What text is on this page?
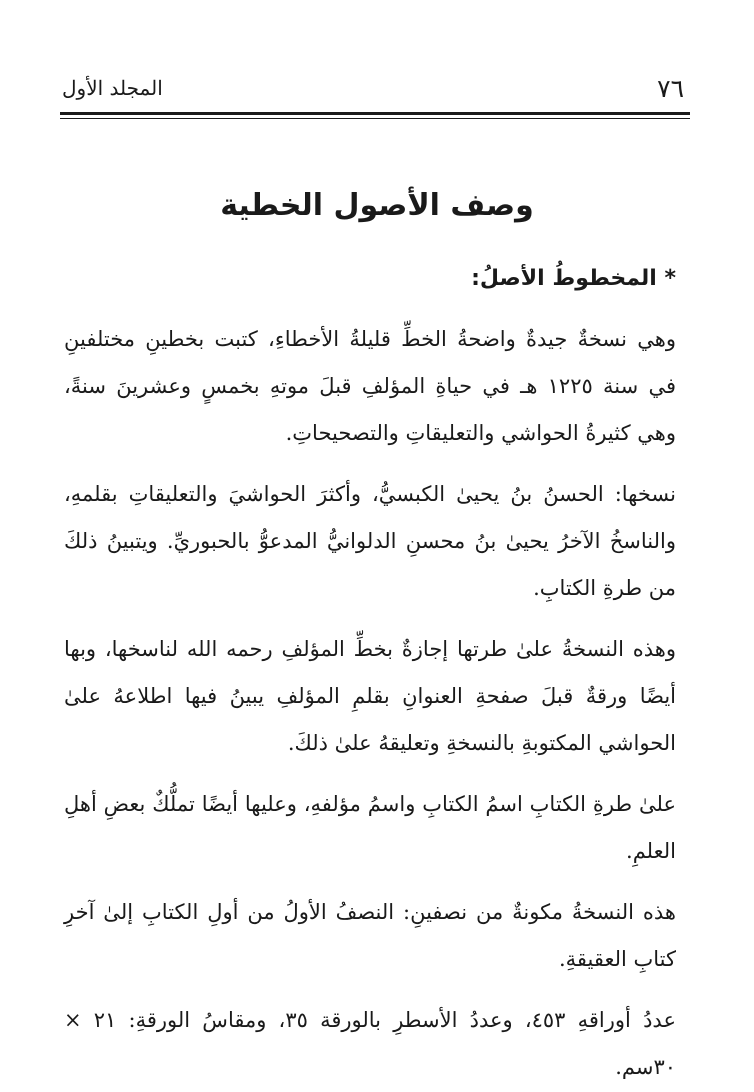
٧٦
المجلد الأول
وصف الأصول الخطية
* المخطوطُ الأصلُ:

وهي نسخةٌ جيدةٌ واضحةُ الخطِّ قليلةُ الأخطاءِ، كتبت بخطينِ مختلفينِ في سنة ١٢٢٥ هـ في حياةِ المؤلفِ قبلَ موتهِ بخمسٍ وعشرينَ سنةً، وهي كثيرةُ الحواشي والتعليقاتِ والتصحيحاتِ.

نسخها: الحسنُ بنُ يحيىٰ الكبسيُّ، وأكثرَ الحواشيَ والتعليقاتِ بقلمهِ، والناسخُ الآخرُ يحيىٰ بنُ محسنِ الدلوانيُّ المدعوُّ بالحبوريِّ. ويتبينُ ذلكَ من طرةِ الكتابِ.

وهذه النسخةُ علىٰ طرتها إجازةٌ بخطِّ المؤلفِ رحمه الله لناسخها، وبها أيضًا ورقةٌ قبلَ صفحةِ العنوانِ بقلمِ المؤلفِ يبينُ فيها اطلاعهُ علىٰ الحواشي المكتوبةِ بالنسخةِ وتعليقهُ علىٰ ذلكَ.

علىٰ طرةِ الكتابِ اسمُ الكتابِ واسمُ مؤلفهِ، وعليها أيضًا تملُّكٌ بعضِ أهلِ العلمِ.

هذه النسخةُ مكونةٌ من نصفينِ: النصفُ الأولُ من أولِ الكتابِ إلىٰ آخرِ كتابِ العقيقةِ.

عددُ أوراقهِ ٤٥٣، وعددُ الأسطرِ بالورقة ٣٥، ومقاسُ الورقةِ: ٢١ × ٣٠سم.
